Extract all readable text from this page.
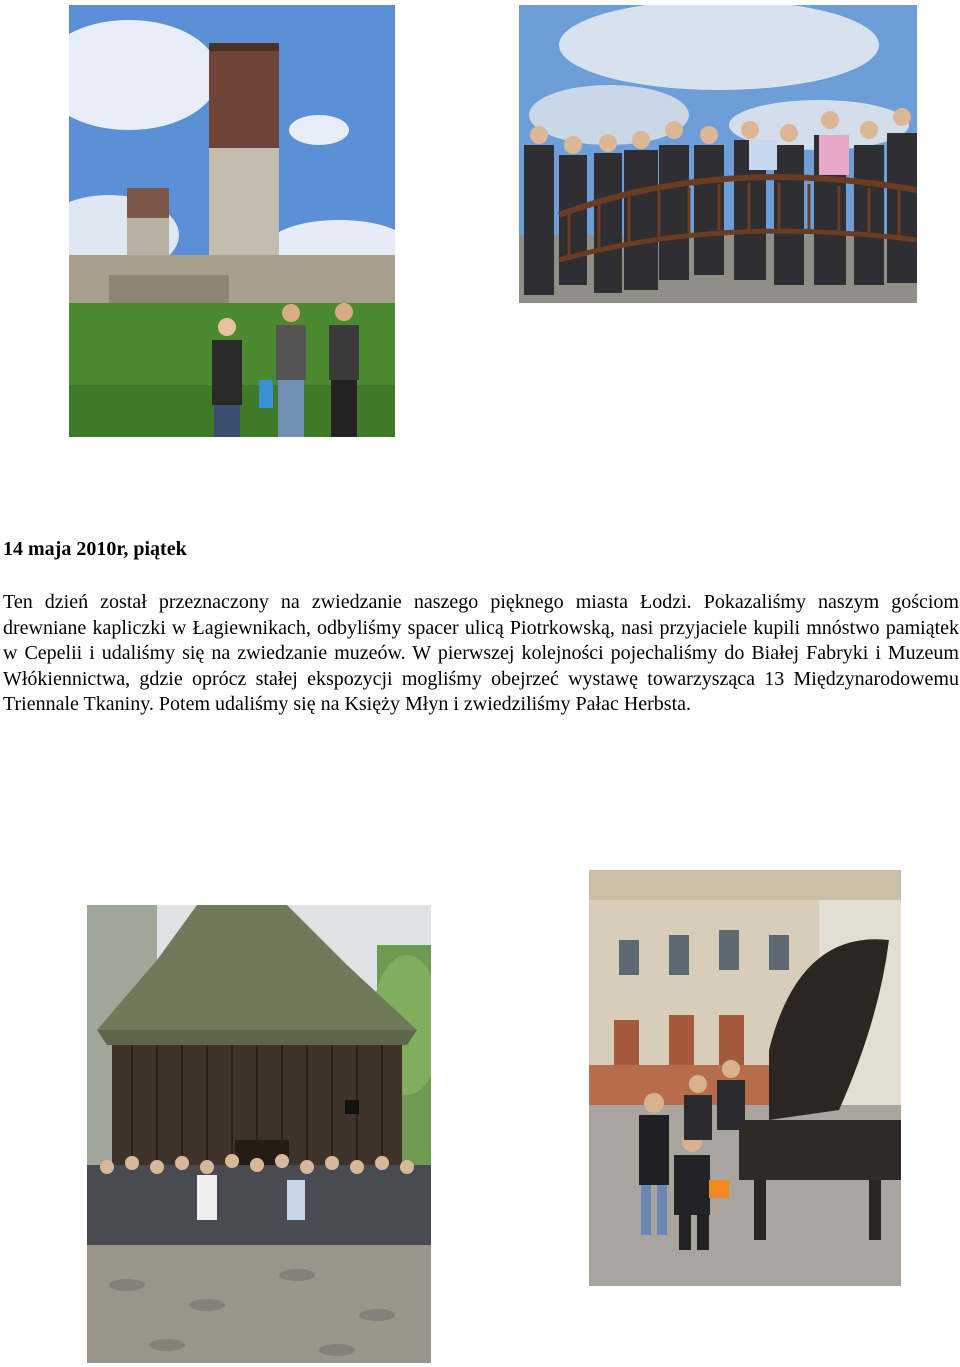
14 maja 2010r, piątek

Ten dzień został przeznaczony na zwiedzanie naszego pięknego miasta Łodzi. Pokazaliśmy naszym gościom drewniane kapliczki w Łagiewnikach, odbyliśmy spacer ulicą Piotrkowską, nasi przyjaciele kupili mnóstwo pamiątek w Cepelii i udaliśmy się na zwiedzanie muzeów. W pierwszej kolejności pojechaliśmy do Białej Fabryki i Muzeum Włókiennictwa, gdzie oprócz stałej ekspozycji mogliśmy obejrzeć wystawę towarzysząca 13 Międzynarodowemu Triennale Tkaniny. Potem udaliśmy się na Księży Młyn i zwiedziliśmy Pałac Herbsta.
